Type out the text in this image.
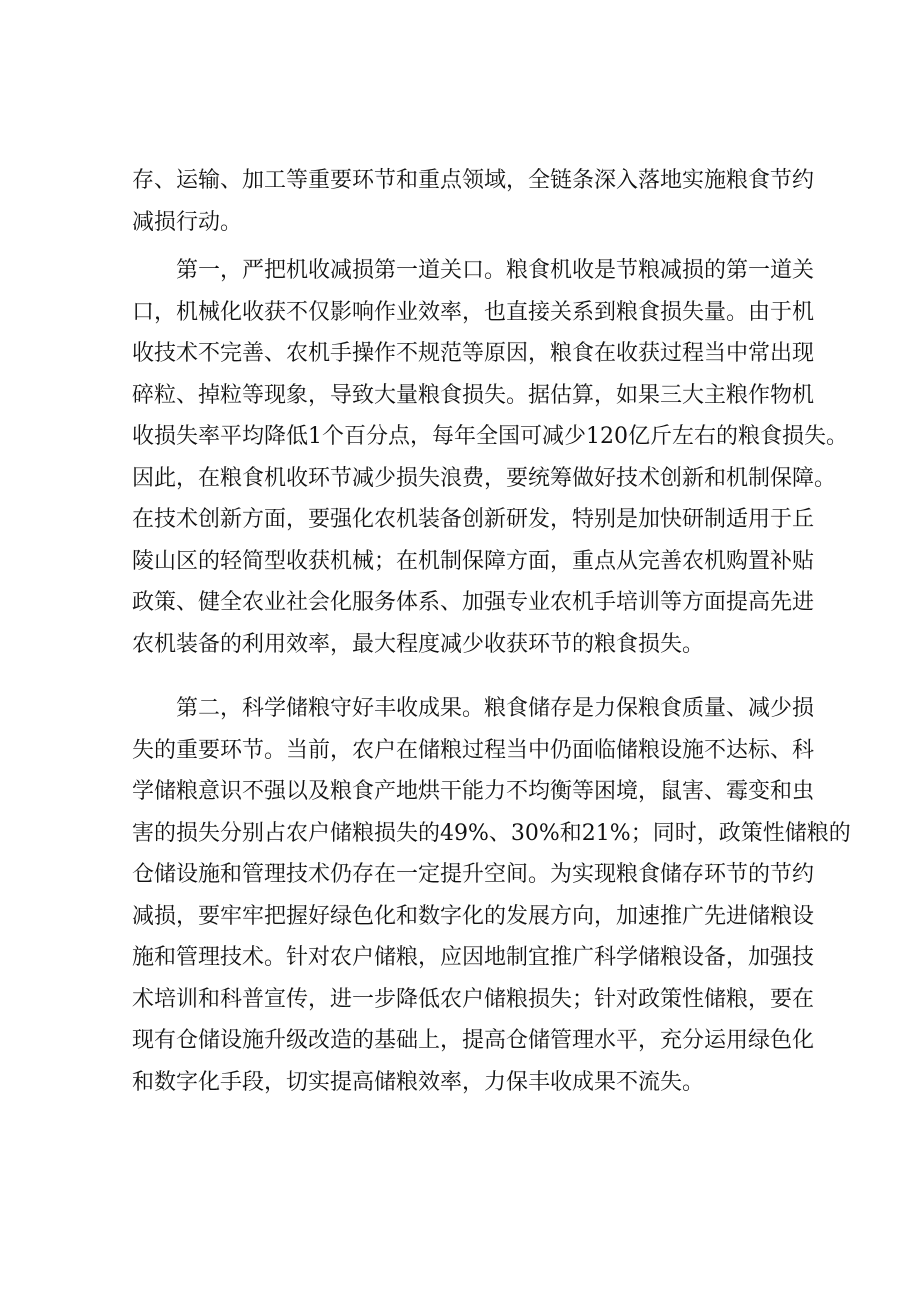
存、运输、加工等重要环节和重点领域，全链条深入落地实施粮食节约
减损行动。
第一，严把机收减损第一道关口。粮食机收是节粮减损的第一道关
口，机械化收获不仅影响作业效率，也直接关系到粮食损失量。由于机
收技术不完善、农机手操作不规范等原因，粮食在收获过程当中常出现
碎粒、掉粒等现象，导致大量粮食损失。据估算，如果三大主粮作物机
收损失率平均降低1个百分点，每年全国可减少120亿斤左右的粮食损失。
因此，在粮食机收环节减少损失浪费，要统筹做好技术创新和机制保障。
在技术创新方面，要强化农机装备创新研发，特别是加快研制适用于丘
陵山区的轻简型收获机械；在机制保障方面，重点从完善农机购置补贴
政策、健全农业社会化服务体系、加强专业农机手培训等方面提高先进
农机装备的利用效率，最大程度减少收获环节的粮食损失。
第二，科学储粮守好丰收成果。粮食储存是力保粮食质量、减少损
失的重要环节。当前，农户在储粮过程当中仍面临储粮设施不达标、科
学储粮意识不强以及粮食产地烘干能力不均衡等困境，鼠害、霉变和虫
害的损失分别占农户储粮损失的49%、30%和21%；同时，政策性储粮的
仓储设施和管理技术仍存在一定提升空间。为实现粮食储存环节的节约
减损，要牢牢把握好绿色化和数字化的发展方向，加速推广先进储粮设
施和管理技术。针对农户储粮，应因地制宜推广科学储粮设备，加强技
术培训和科普宣传，进一步降低农户储粮损失；针对政策性储粮，要在
现有仓储设施升级改造的基础上，提高仓储管理水平，充分运用绿色化
和数字化手段，切实提高储粮效率，力保丰收成果不流失。
